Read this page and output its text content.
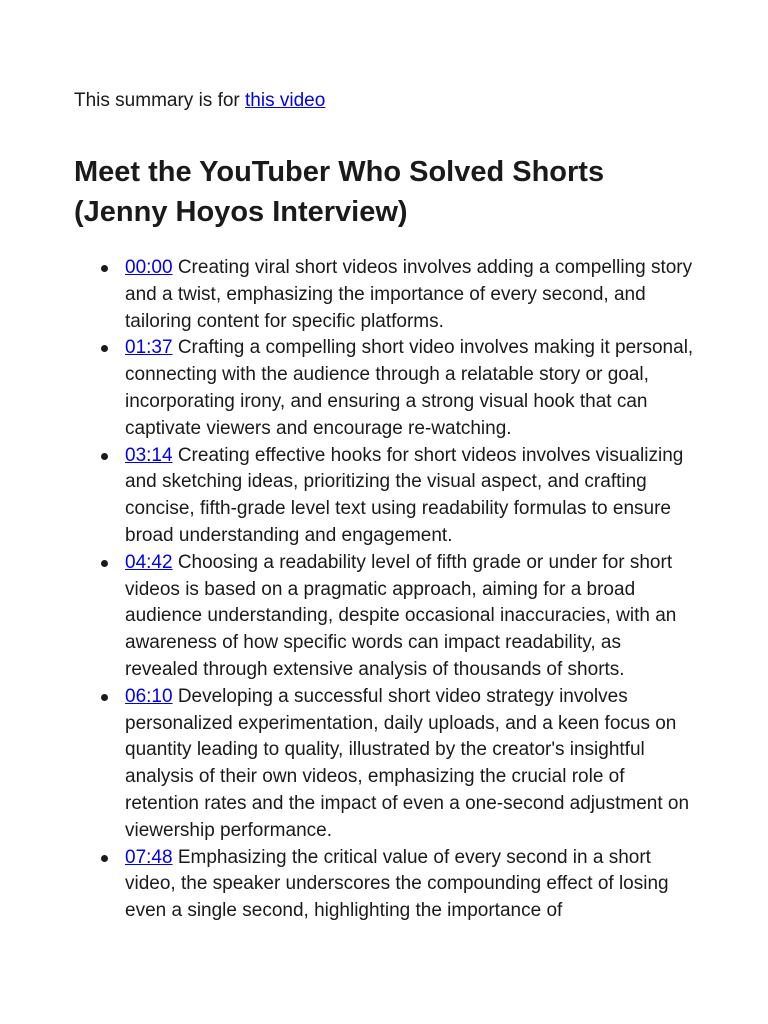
This summary is for this video

Meet the YouTuber Who Solved Shorts (Jenny Hoyos Interview)
00:00 Creating viral short videos involves adding a compelling story and a twist, emphasizing the importance of every second, and tailoring content for specific platforms.
01:37 Crafting a compelling short video involves making it personal, connecting with the audience through a relatable story or goal, incorporating irony, and ensuring a strong visual hook that can captivate viewers and encourage re-watching.
03:14 Creating effective hooks for short videos involves visualizing and sketching ideas, prioritizing the visual aspect, and crafting concise, fifth-grade level text using readability formulas to ensure broad understanding and engagement.
04:42 Choosing a readability level of fifth grade or under for short videos is based on a pragmatic approach, aiming for a broad audience understanding, despite occasional inaccuracies, with an awareness of how specific words can impact readability, as revealed through extensive analysis of thousands of shorts.
06:10 Developing a successful short video strategy involves personalized experimentation, daily uploads, and a keen focus on quantity leading to quality, illustrated by the creator's insightful analysis of their own videos, emphasizing the crucial role of retention rates and the impact of even a one-second adjustment on viewership performance.
07:48 Emphasizing the critical value of every second in a short video, the speaker underscores the compounding effect of losing even a single second, highlighting the importance of
